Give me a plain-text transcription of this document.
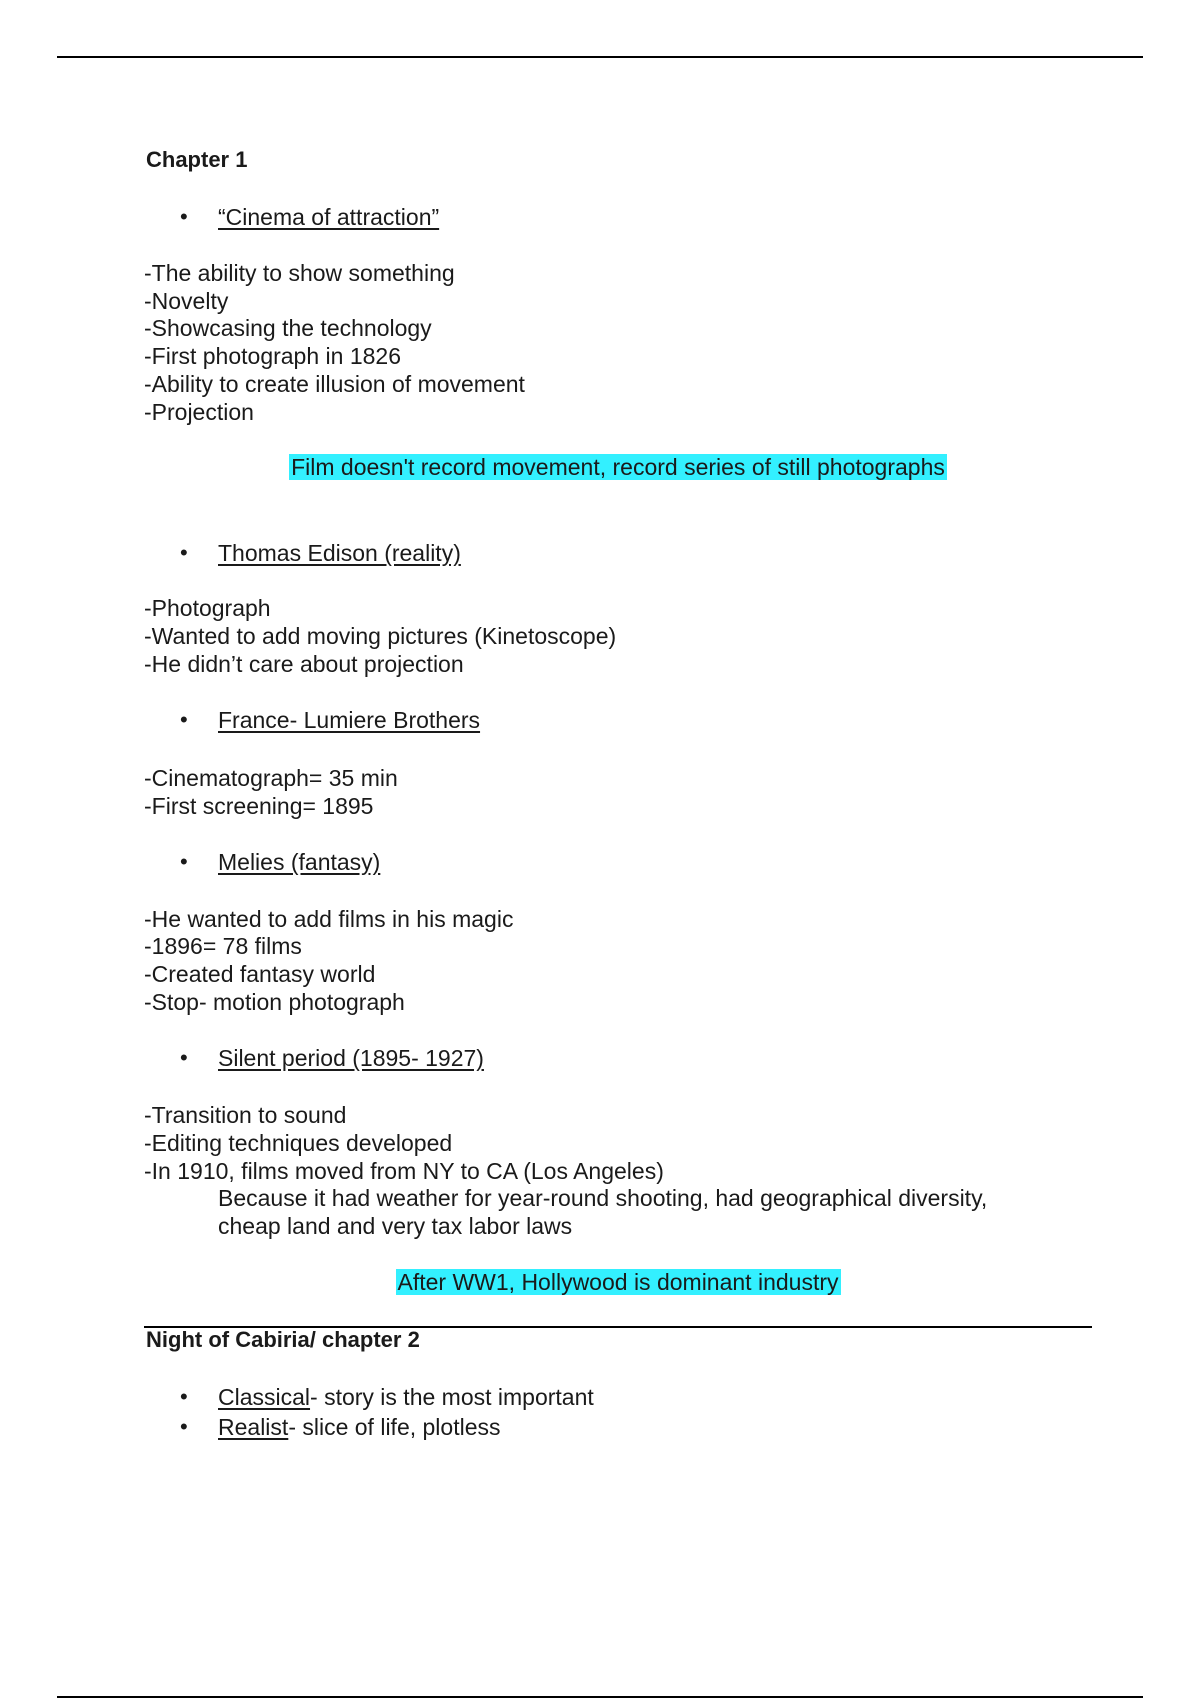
Chapter 1
• “Cinema of attraction”
-The ability to show something
-Novelty
-Showcasing the technology
-First photograph in 1826
-Ability to create illusion of movement
-Projection
Film doesn't record movement, record series of still photographs
• Thomas Edison (reality)
-Photograph
-Wanted to add moving pictures (Kinetoscope)
-He didn’t care about projection
• France- Lumiere Brothers
-Cinematograph= 35 min
-First screening= 1895
• Melies (fantasy)
-He wanted to add films in his magic
-1896= 78 films
-Created fantasy world
-Stop- motion photograph
• Silent period (1895- 1927)
-Transition to sound
-Editing techniques developed
-In 1910, films moved from NY to CA (Los Angeles)
Because it had weather for year-round shooting, had geographical diversity,
cheap land and very tax labor laws
After WW1, Hollywood is dominant industry
Night of Cabiria/ chapter 2
• Classical- story is the most important
• Realist- slice of life, plotless
